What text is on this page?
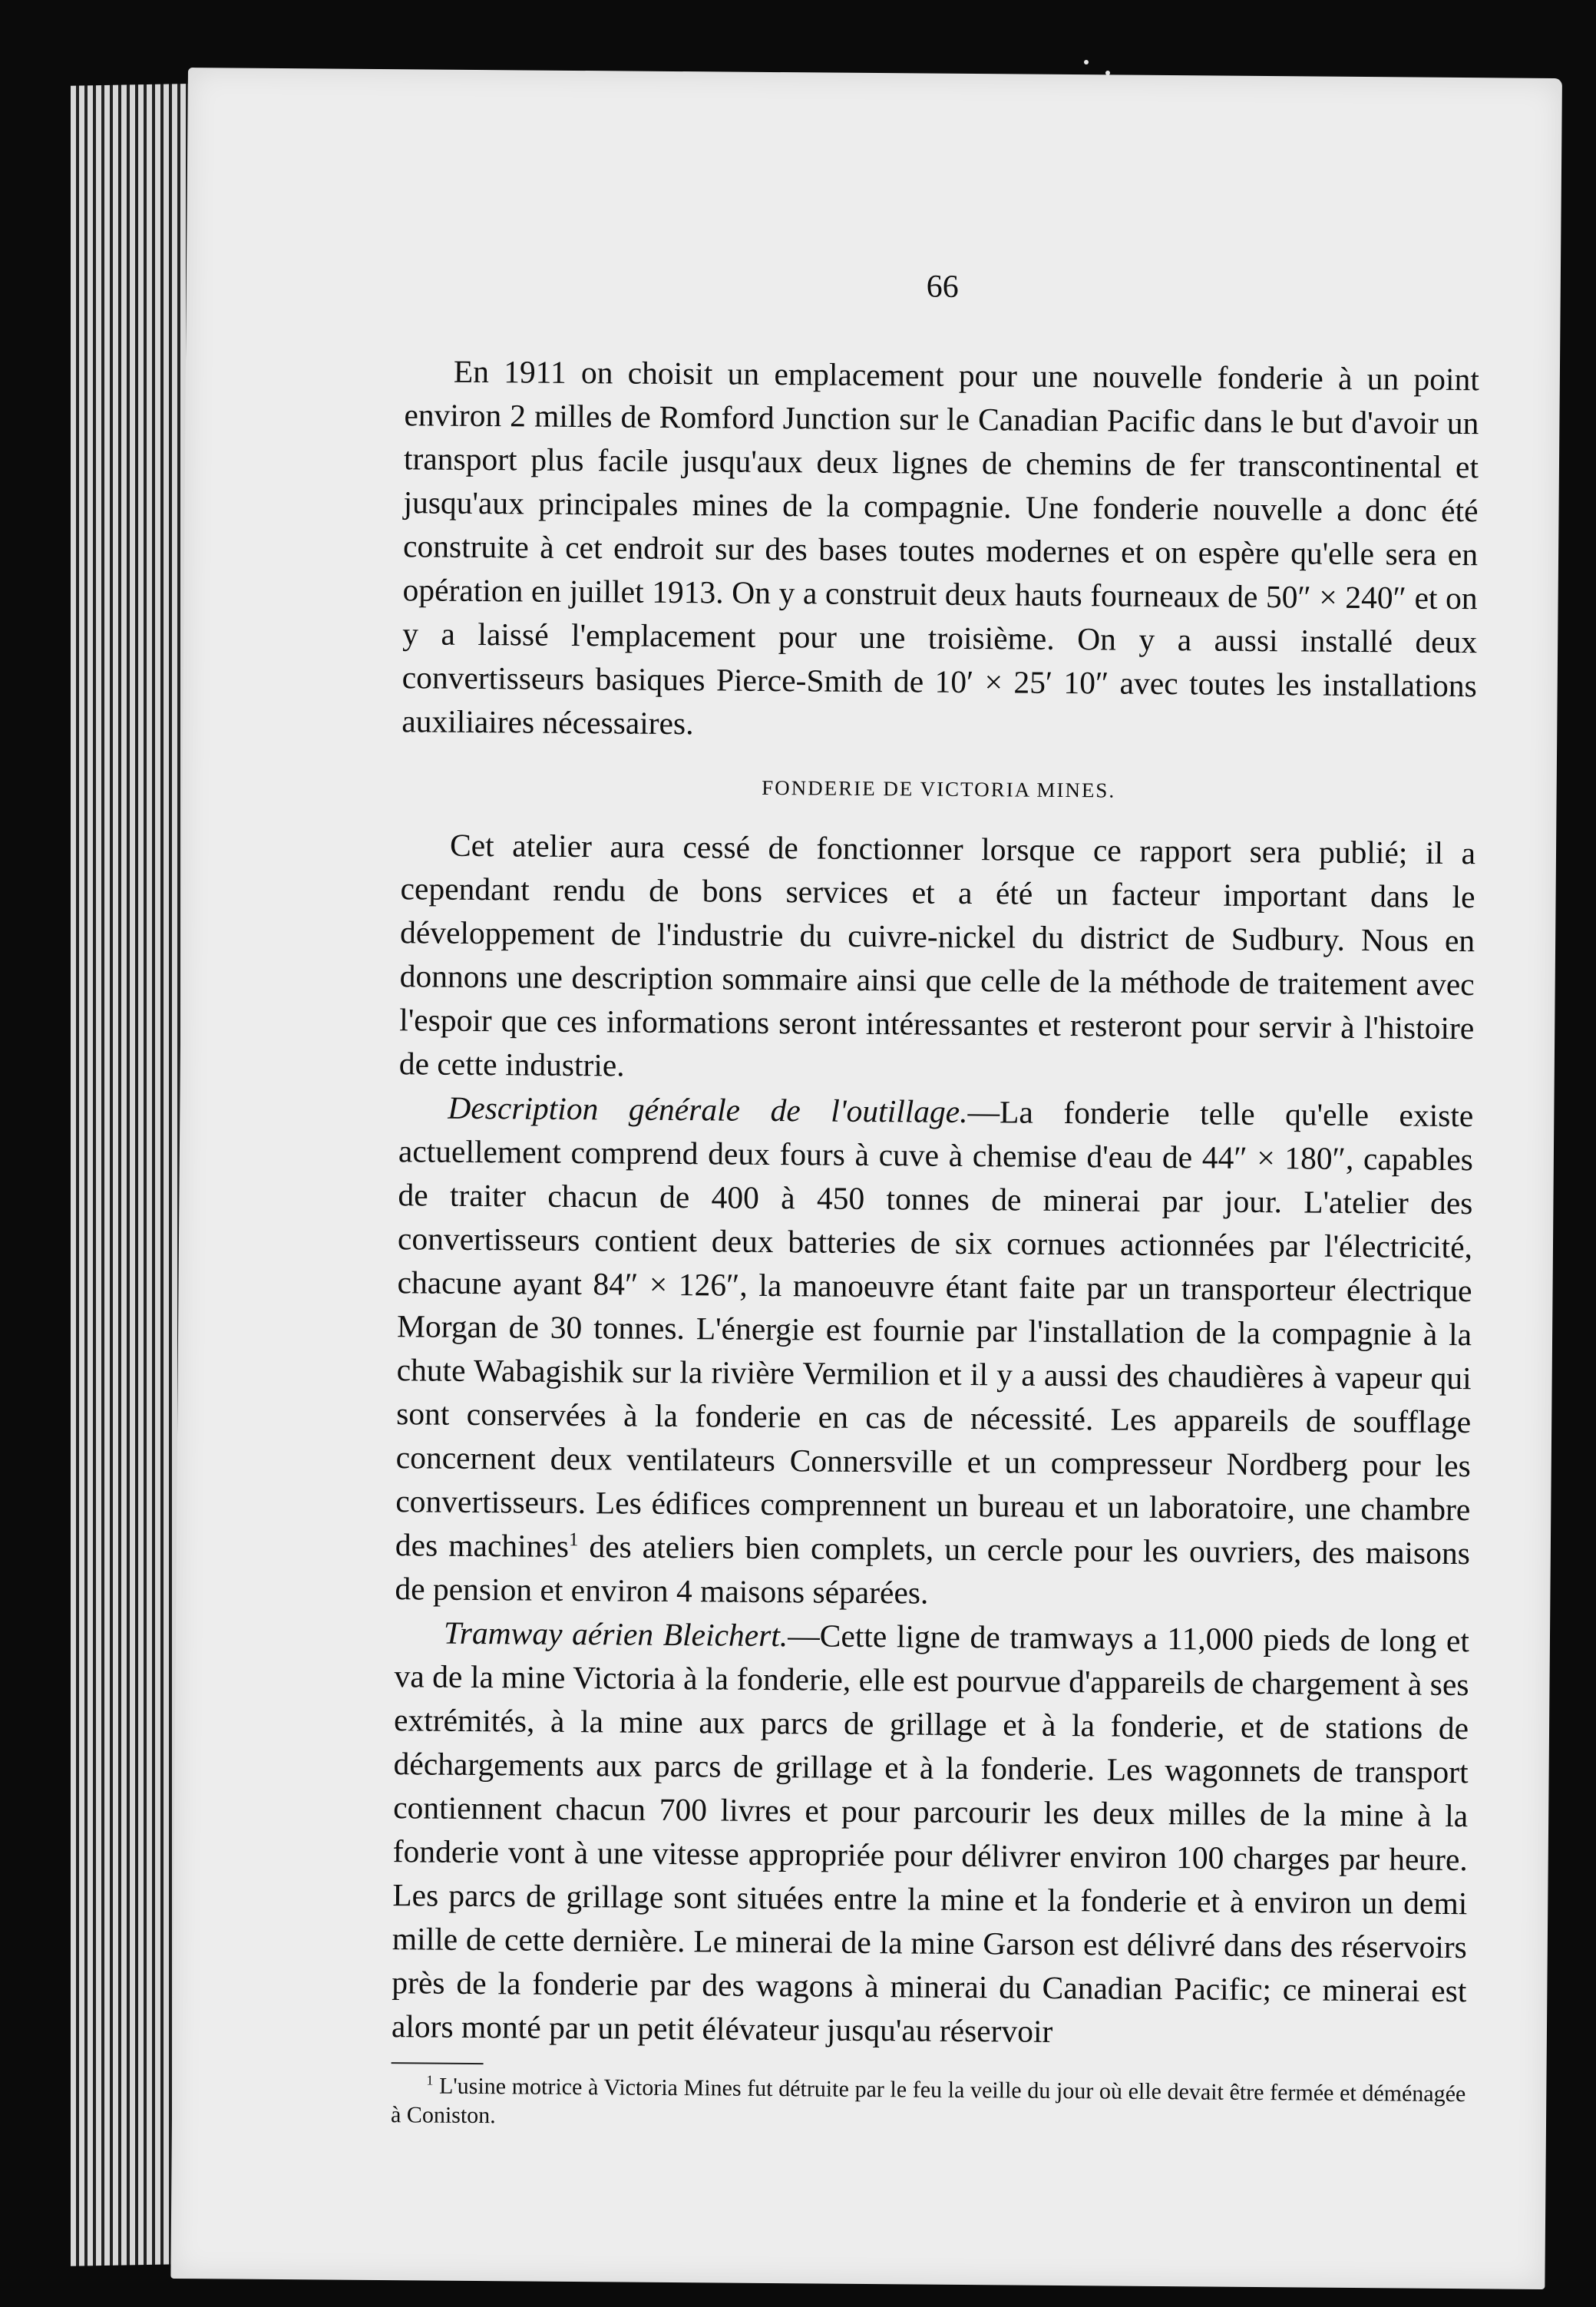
66

En 1911 on choisit un emplacement pour une nouvelle fonderie à un point environ 2 milles de Romford Junction sur le Canadian Pacific dans le but d'avoir un transport plus facile jusqu'aux deux lignes de chemins de fer transcontinental et jusqu'aux principales mines de la compagnie. Une fonderie nouvelle a donc été construite à cet endroit sur des bases toutes modernes et on espère qu'elle sera en opération en juillet 1913. On y a construit deux hauts fourneaux de 50″ × 240″ et on y a laissé l'emplacement pour une troisième. On y a aussi installé deux convertisseurs basiques Pierce-Smith de 10′ × 25′ 10″ avec toutes les installations auxiliaires nécessaires.

FONDERIE DE VICTORIA MINES.

Cet atelier aura cessé de fonctionner lorsque ce rapport sera publié; il a cependant rendu de bons services et a été un facteur important dans le développement de l'industrie du cuivre-nickel du district de Sudbury. Nous en donnons une description sommaire ainsi que celle de la méthode de traitement avec l'espoir que ces informations seront intéressantes et resteront pour servir à l'histoire de cette industrie.

Description générale de l'outillage.—La fonderie telle qu'elle existe actuellement comprend deux fours à cuve à chemise d'eau de 44″ × 180″, capables de traiter chacun de 400 à 450 tonnes de minerai par jour. L'atelier des convertisseurs contient deux batteries de six cornues actionnées par l'électricité, chacune ayant 84″ × 126″, la manoeuvre étant faite par un transporteur électrique Morgan de 30 tonnes. L'énergie est fournie par l'installation de la compagnie à la chute Wabagishik sur la rivière Vermilion et il y a aussi des chaudières à vapeur qui sont conservées à la fonderie en cas de nécessité. Les appareils de soufflage concernent deux ventilateurs Connersville et un compresseur Nordberg pour les convertisseurs. Les édifices comprennent un bureau et un laboratoire, une chambre des machines$^1$ des ateliers bien complets, un cercle pour les ouvriers, des maisons de pension et environ 4 maisons séparées.

Tramway aérien Bleichert.—Cette ligne de tramways a 11,000 pieds de long et va de la mine Victoria à la fonderie, elle est pourvue d'appareils de chargement à ses extrémités, à la mine aux parcs de grillage et à la fonderie, et de stations de déchargements aux parcs de grillage et à la fonderie. Les wagonnets de transport contiennent chacun 700 livres et pour parcourir les deux milles de la mine à la fonderie vont à une vitesse appropriée pour délivrer environ 100 charges par heure. Les parcs de grillage sont situées entre la mine et la fonderie et à environ un demi mille de cette dernière. Le minerai de la mine Garson est délivré dans des réservoirs près de la fonderie par des wagons à minerai du Canadian Pacific; ce minerai est alors monté par un petit élévateur jusqu'au réservoir

$^1$ L'usine motrice à Victoria Mines fut détruite par le feu la veille du jour où elle devait être fermée et déménagée à Coniston.
